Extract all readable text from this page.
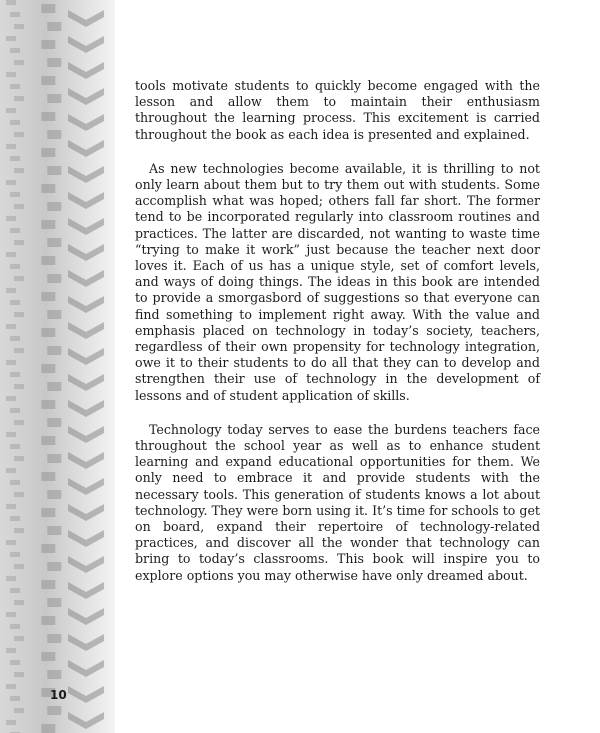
tools motivate students to quickly become engaged with the lesson and allow them to maintain their enthusiasm throughout the learning process. This excitement is carried throughout the book as each idea is presented and explained.

As new technologies become available, it is thrilling to not only learn about them but to try them out with students. Some accomplish what was hoped; others fall far short. The former tend to be incorporated regularly into classroom routines and practices. The latter are discarded, not wanting to waste time “trying to make it work” just because the teacher next door loves it. Each of us has a unique style, set of comfort levels, and ways of doing things. The ideas in this book are intended to provide a smorgasbord of suggestions so that everyone can find something to implement right away. With the value and emphasis placed on technology in today’s society, teachers, regardless of their own propensity for technology integration, owe it to their students to do all that they can to develop and strengthen their use of technology in the development of lessons and of student application of skills.

Technology today serves to ease the burdens teachers face throughout the school year as well as to enhance student learning and expand educational opportunities for them. We only need to embrace it and provide students with the necessary tools. This generation of students knows a lot about technology. They were born using it. It’s time for schools to get on board, expand their repertoire of technology-related practices, and discover all the wonder that technology can bring to today’s classrooms. This book will inspire you to explore options you may otherwise have only dreamed about.

10
